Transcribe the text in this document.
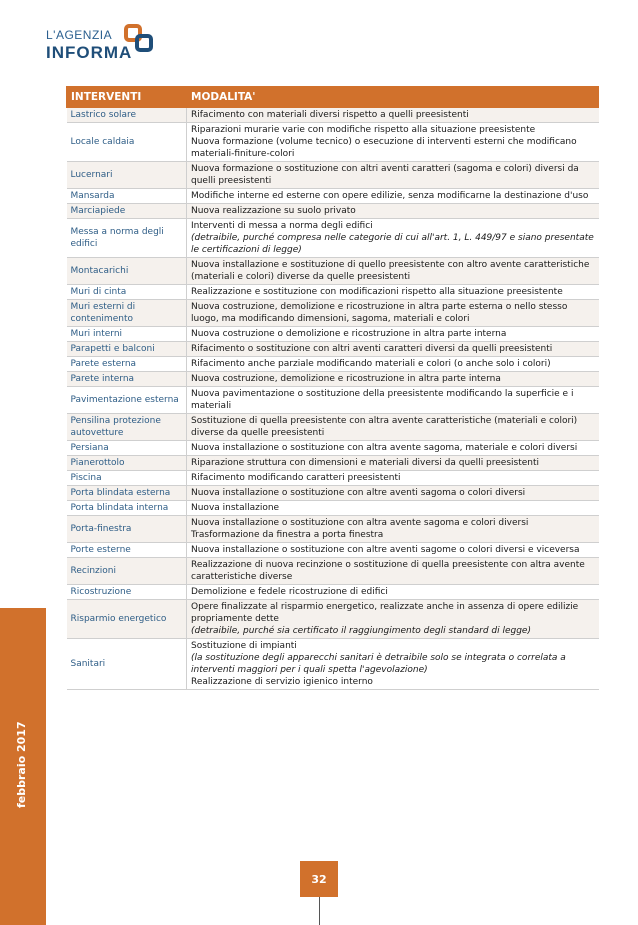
L'AGENZIA
INFORMA
INTERVENTI	MODALITA'
Lastrico solare	Rifacimento con materiali diversi rispetto a quelli preesistenti

Locale caldaia	Riparazioni murarie varie con modifiche rispetto alla situazione preesistente
Nuova formazione (volume tecnico) o esecuzione di interventi esterni che modificano materiali-finiture-colori

Lucernari	Nuova formazione o sostituzione con altri aventi caratteri (sagoma e colori) diversi da quelli preesistenti

Mansarda	Modifiche interne ed esterne con opere edilizie, senza modificarne la destinazione d'uso

Marciapiede	Nuova realizzazione su suolo privato

Messa a norma degli edifici	Interventi di messa a norma degli edifici
(detraibile, purché compresa nelle categorie di cui all'art. 1, L. 449/97 e siano presentate le certificazioni di legge)

Montacarichi	Nuova installazione e sostituzione di quello preesistente con altro avente caratteristiche (materiali e colori) diverse da quelle preesistenti

Muri di cinta	Realizzazione e sostituzione con modificazioni rispetto alla situazione preesistente

Muri esterni di contenimento	Nuova costruzione, demolizione e ricostruzione in altra parte esterna o nello stesso luogo, ma modificando dimensioni, sagoma, materiali e colori

Muri interni	Nuova costruzione o demolizione e ricostruzione in altra parte interna

Parapetti e balconi	Rifacimento o sostituzione con altri aventi caratteri diversi da quelli preesistenti

Parete esterna	Rifacimento anche parziale modificando materiali e colori (o anche solo i colori)

Parete interna	Nuova costruzione, demolizione e ricostruzione in altra parte interna

Pavimentazione esterna	Nuova pavimentazione o sostituzione della preesistente modificando la superficie e i materiali

Pensilina protezione autovetture	Sostituzione di quella preesistente con altra avente caratteristiche (materiali e colori) diverse da quelle preesistenti

Persiana	Nuova installazione o sostituzione con altra avente sagoma, materiale e colori diversi

Pianerottolo	Riparazione struttura con dimensioni e materiali diversi da quelli preesistenti

Piscina	Rifacimento modificando caratteri preesistenti

Porta blindata esterna	Nuova installazione o sostituzione con altre aventi sagoma o colori diversi

Porta blindata interna	Nuova installazione

Porta-finestra	Nuova installazione o sostituzione con altra avente sagoma e colori diversi
Trasformazione da finestra a porta finestra

Porte esterne	Nuova installazione o sostituzione con altre aventi sagome o colori diversi e viceversa

Recinzioni	Realizzazione di nuova recinzione o sostituzione di quella preesistente con altra avente caratteristiche diverse

Ricostruzione	Demolizione e fedele ricostruzione di edifici

Risparmio energetico	Opere finalizzate al risparmio energetico, realizzate anche in assenza di opere edilizie propriamente dette
(detraibile, purché sia certificato il raggiungimento degli standard di legge)

Sanitari	Sostituzione di impianti
(la sostituzione degli apparecchi sanitari è detraibile solo se integrata o correlata a interventi maggiori per i quali spetta l'agevolazione)
Realizzazione di servizio igienico interno
febbraio 2017
32
